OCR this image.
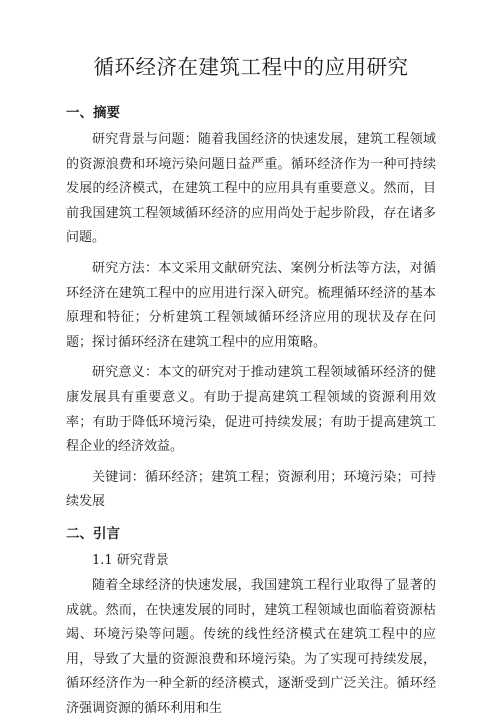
循环经济在建筑工程中的应用研究
一、摘要

研究背景与问题：随着我国经济的快速发展，建筑工程领域的资源浪费和环境污染问题日益严重。循环经济作为一种可持续发展的经济模式，在建筑工程中的应用具有重要意义。然而，目前我国建筑工程领域循环经济的应用尚处于起步阶段，存在诸多问题。

研究方法：本文采用文献研究法、案例分析法等方法，对循环经济在建筑工程中的应用进行深入研究。梳理循环经济的基本原理和特征；分析建筑工程领域循环经济应用的现状及存在问题；探讨循环经济在建筑工程中的应用策略。

研究意义：本文的研究对于推动建筑工程领域循环经济的健康发展具有重要意义。有助于提高建筑工程领域的资源利用效率；有助于降低环境污染，促进可持续发展；有助于提高建筑工程企业的经济效益。

关键词：循环经济；建筑工程；资源利用；环境污染；可持续发展

二、引言
1.1 研究背景

随着全球经济的快速发展，我国建筑工程行业取得了显著的成就。然而，在快速发展的同时，建筑工程领域也面临着资源枯竭、环境污染等问题。传统的线性经济模式在建筑工程中的应用，导致了大量的资源浪费和环境污染。为了实现可持续发展，循环经济作为一种全新的经济模式，逐渐受到广泛关注。循环经济强调资源的循环利用和生
